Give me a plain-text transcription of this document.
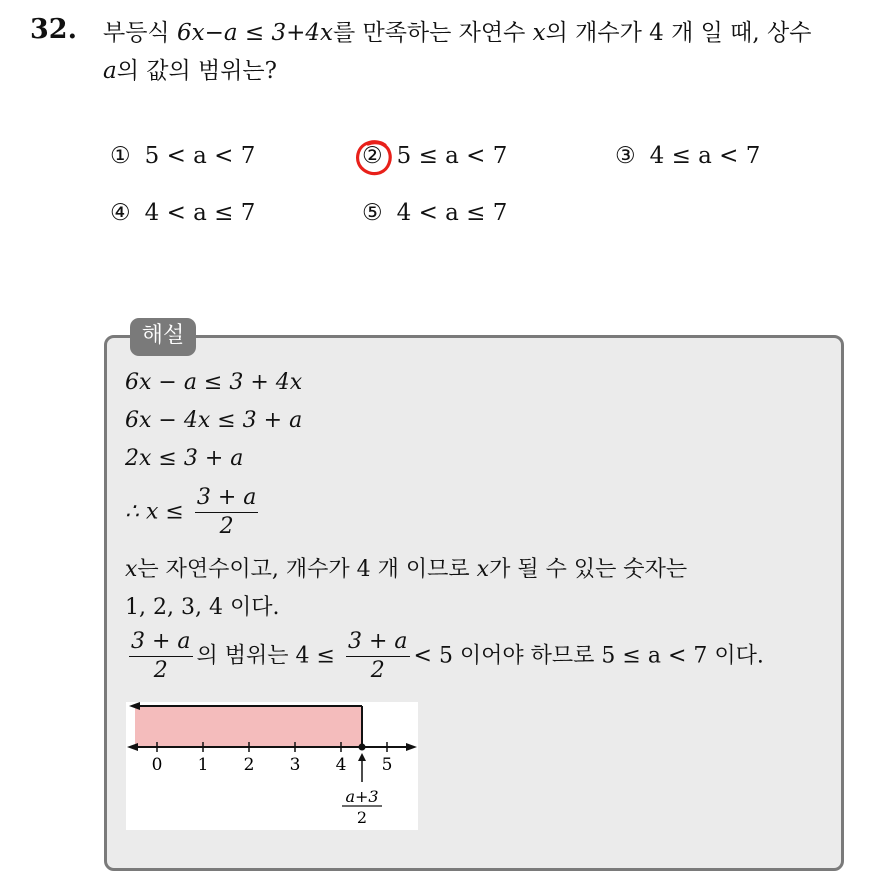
32. 부등식 6x−a ≤ 3+4x를 만족하는 자연수 x의 개수가 4 개 일 때, 상수
a의 값의 범위는?
① 5 < a < 7	② 5 ≤ a < 7	③ 4 ≤ a < 7
④ 4 < a ≤ 7	⑤ 4 < a ≤ 7
해설
6x − a ≤ 3 + 4x
6x − 4x ≤ 3 + a
2x ≤ 3 + a
∴ $x \le \frac{3 + a}{2}$
x는 자연수이고, 개수가 4 개 이므로 x가 될 수 있는 숫자는
1, 2, 3, 4 이다.
$\frac{3 + a}{2}$ 의 범위는 $4 \le \frac{3 + a}{2} < 5$ 이어야 하므로 5 ≤ a < 7 이다.
0 1 2 3 4 5
a+3
2
